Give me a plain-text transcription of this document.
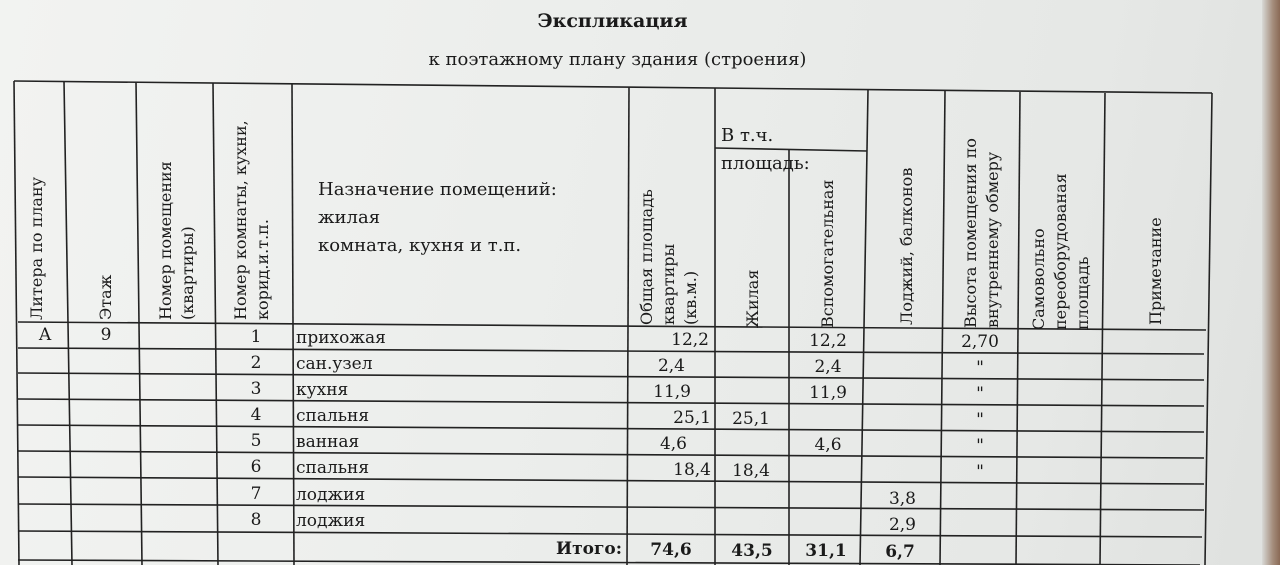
Экспликация
к поэтажному плану здания (строения)
Литера по плану	Этаж	Номер помещения
(квартиры) Номер комнаты, кухни,
корид.и.т.п.
Назначение помещений: жилая
комната, кухня и т.п.
Общая площадь
квартиры
(кв.м.)
В т.ч. площадь:
Жилая	Вспомогательная	Лоджий, балконов	Высота помещения по
внутреннему обмеру
Самовольно
переоборудованая
площадь	Примечание
А	9	1	прихожая	12,2	12,2	2,70
2	сан.узел	2,4	2,4	"
3	кухня	11,9	11,9	"
4	спальня	25,1	25,1	"
5	ванная	4,6	4,6	"
6	спальня	18,4	18,4	"
7	лоджия	3,8
8	лоджия	2,9
Итого:	74,6	43,5	31,1	6,7
